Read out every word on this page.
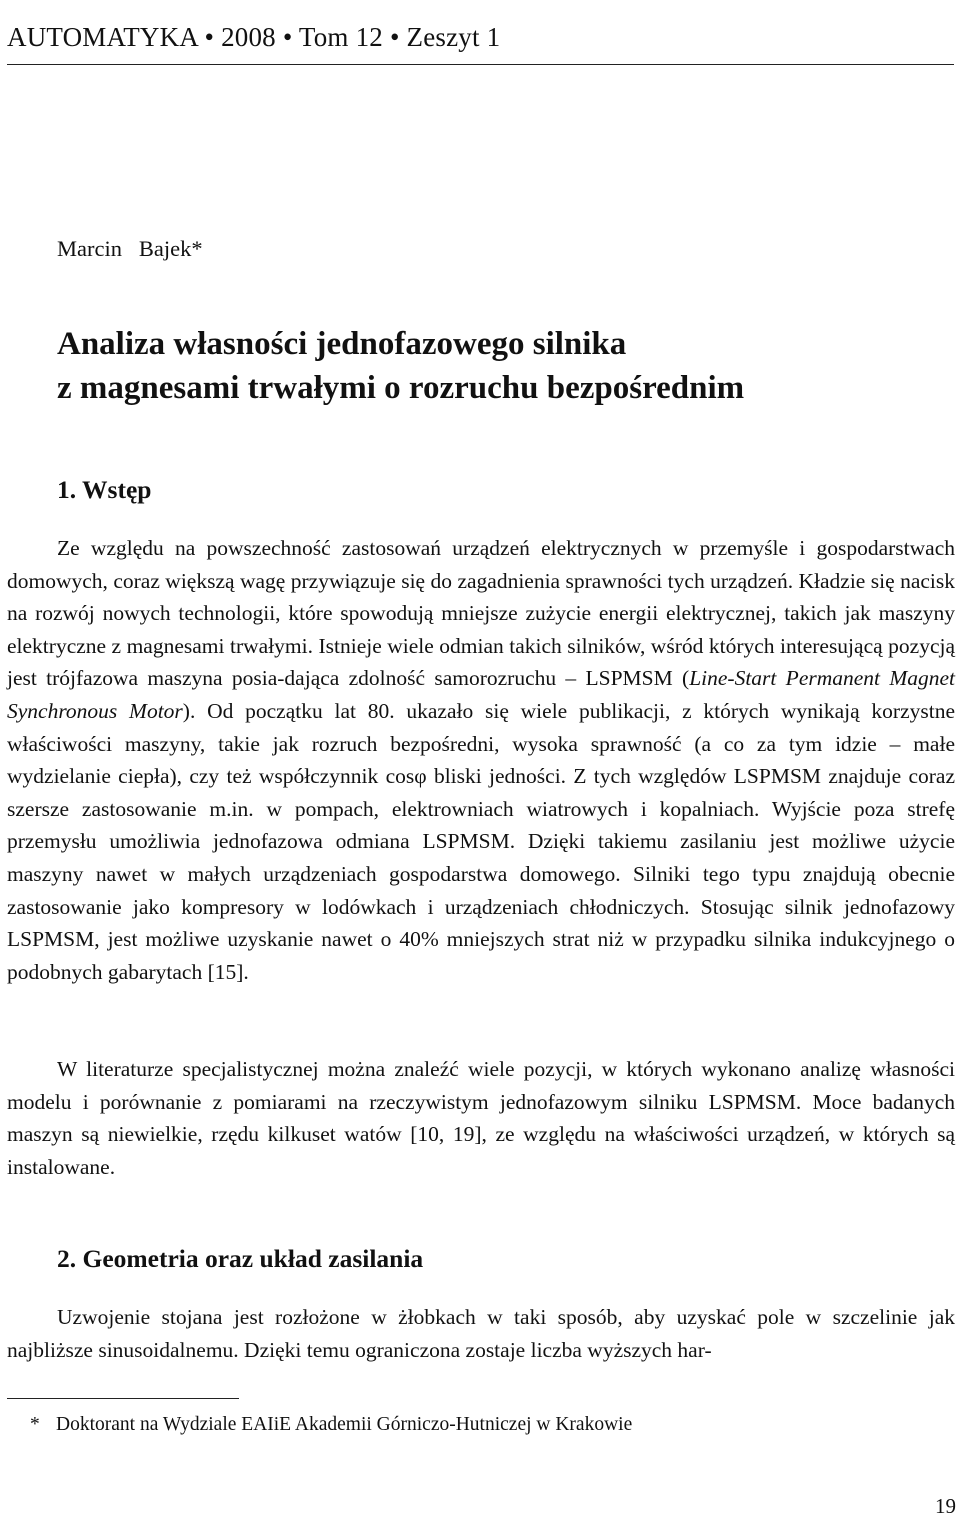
AUTOMATYKA • 2008 • Tom 12 • Zeszyt 1
Marcin   Bajek*
Analiza własności jednofazowego silnika
z magnesami trwałymi o rozruchu bezpośrednim
1. Wstęp

Ze względu na powszechność zastosowań urządzeń elektrycznych w przemyśle i gospodarstwach domowych, coraz większą wagę przywiązuje się do zagadnienia sprawności tych urządzeń. Kładzie się nacisk na rozwój nowych technologii, które spowodują mniejsze zużycie energii elektrycznej, takich jak maszyny elektryczne z magnesami trwałymi. Istnieje wiele odmian takich silników, wśród których interesującą pozycją jest trójfazowa maszyna posia-dająca zdolność samorozruchu – LSPMSM (Line-Start Permanent Magnet Synchronous Motor). Od początku lat 80. ukazało się wiele publikacji, z których wynikają korzystne właściwości maszyny, takie jak rozruch bezpośredni, wysoka sprawność (a co za tym idzie – małe wydzielanie ciepła), czy też współczynnik cosφ bliski jedności. Z tych względów LSPMSM znajduje coraz szersze zastosowanie m.in. w pompach, elektrowniach wiatrowych i kopalniach. Wyjście poza strefę przemysłu umożliwia jednofazowa odmiana LSPMSM. Dzięki takiemu zasilaniu jest możliwe użycie maszyny nawet w małych urządzeniach gospodarstwa domowego. Silniki tego typu znajdują obecnie zastosowanie jako kompresory w lodówkach i urządzeniach chłodniczych. Stosując silnik jednofazowy LSPMSM, jest możliwe uzyskanie nawet o 40% mniejszych strat niż w przypadku silnika indukcyjnego o podobnych gabarytach [15].

W literaturze specjalistycznej można znaleźć wiele pozycji, w których wykonano analizę własności modelu i porównanie z pomiarami na rzeczywistym jednofazowym silniku LSPMSM. Moce badanych maszyn są niewielkie, rzędu kilkuset watów [10, 19], ze względu na właściwości urządzeń, w których są instalowane.

2. Geometria oraz układ zasilania

Uzwojenie stojana jest rozłożone w żłobkach w taki sposób, aby uzyskać pole w szczelinie jak najbliższe sinusoidalnemu. Dzięki temu ograniczona zostaje liczba wyższych har-

* Doktorant na Wydziale EAIiE Akademii Górniczo-Hutniczej w Krakowie
19
